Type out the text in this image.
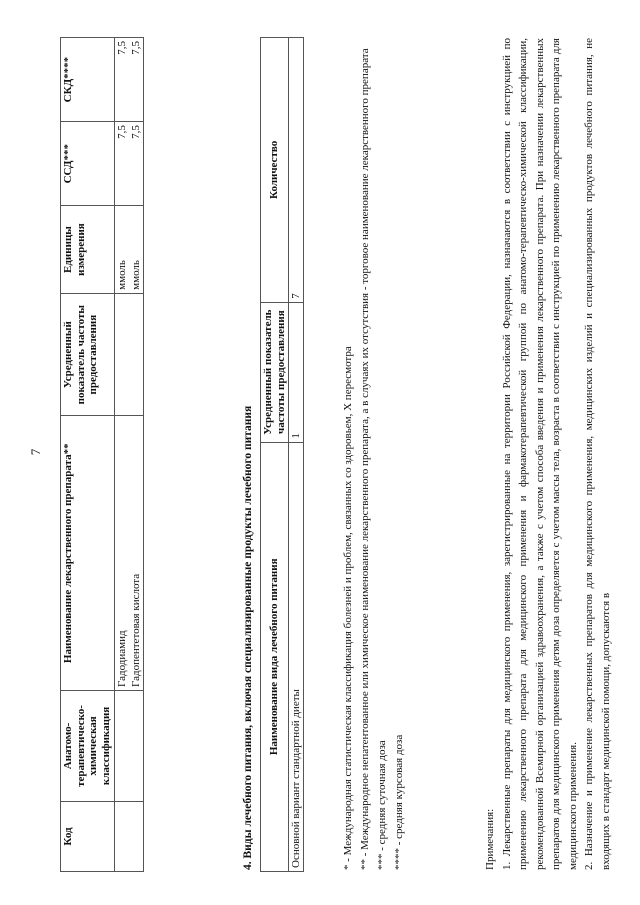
7
Код	Анатомо-терапевтическо-химическая классификация	Наименование лекарственного препарата**	Усредненный показатель частоты предоставления	Единицы измерения	ССД***	СКД****
		Гадодиамид		ммоль	7,5	7,5
		Гадопентетовая кислота		ммоль	7,5	7,5
4. Виды лечебного питания, включая специализированные продукты лечебного питания Наименование вида лечебного питания	Усредненный показатель частоты предоставления	Количество
Основной вариант стандартной диеты	1	7

* - Международная статистическая классификация болезней и проблем, связанных со здоровьем, X пересмотра ** - Международное непатентованное или химическое наименование лекарственного препарата, а в случаях их отсутствия - торговое наименование лекарственного препарата *** - средняя суточная доза **** - средняя курсовая доза	Примечания: 1. Лекарственные препараты для медицинского применения, зарегистрированные на территории Российской Федерации, назначаются в соответствии с инструкцией по применению лекарственного препарата для медицинского применения и фармакотерапевтической группой по анатомо-терапевтическо-химической классификации, рекомендованной Всемирной организацией здравоохранения, а также с учетом способа введения и применения лекарственного препарата. При назначении лекарственных препаратов для медицинского применения детям доза определяется с учетом массы тела, возраста в соответствии с инструкцией по применению лекарственного препарата для медицинского применения. 2. Назначение и применение лекарственных препаратов для медицинского применения, медицинских изделий и специализированных продуктов лечебного питания, не входящих в стандарт медицинской помощи, допускаются в
